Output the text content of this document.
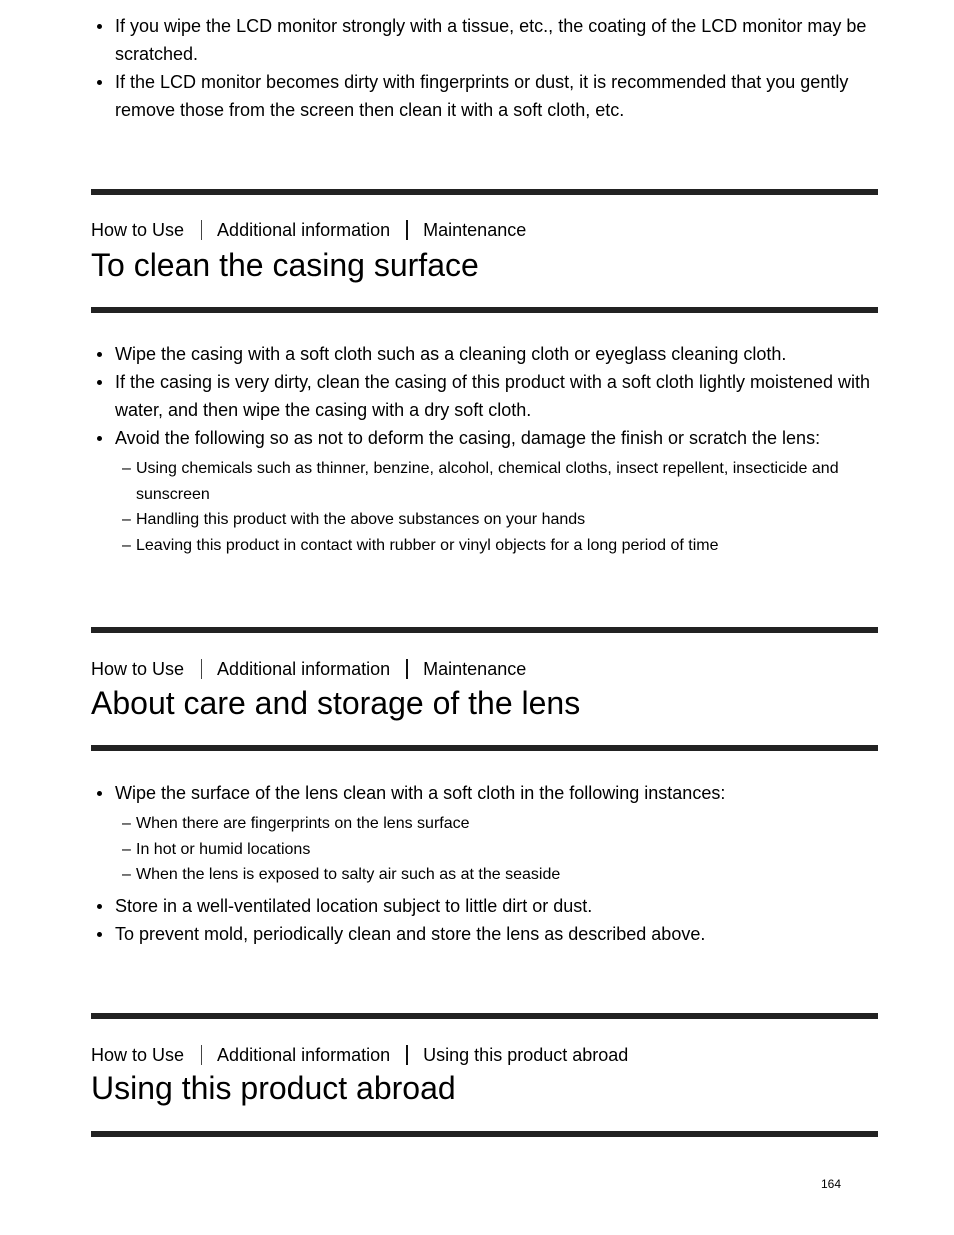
If you wipe the LCD monitor strongly with a tissue, etc., the coating of the LCD monitor may be scratched.
If the LCD monitor becomes dirty with fingerprints or dust, it is recommended that you gently remove those from the screen then clean it with a soft cloth, etc.
How to Use Additional information Maintenance
To clean the casing surface
Wipe the casing with a soft cloth such as a cleaning cloth or eyeglass cleaning cloth.
If the casing is very dirty, clean the casing of this product with a soft cloth lightly moistened with water, and then wipe the casing with a dry soft cloth.
Avoid the following so as not to deform the casing, damage the finish or scratch the lens:
– Using chemicals such as thinner, benzine, alcohol, chemical cloths, insect repellent, insecticide and sunscreen
– Handling this product with the above substances on your hands
– Leaving this product in contact with rubber or vinyl objects for a long period of time
How to Use Additional information Maintenance
About care and storage of the lens
Wipe the surface of the lens clean with a soft cloth in the following instances:
– When there are fingerprints on the lens surface
– In hot or humid locations
– When the lens is exposed to salty air such as at the seaside
Store in a well-ventilated location subject to little dirt or dust.
To prevent mold, periodically clean and store the lens as described above.
How to Use Additional information Using this product abroad
Using this product abroad
164
